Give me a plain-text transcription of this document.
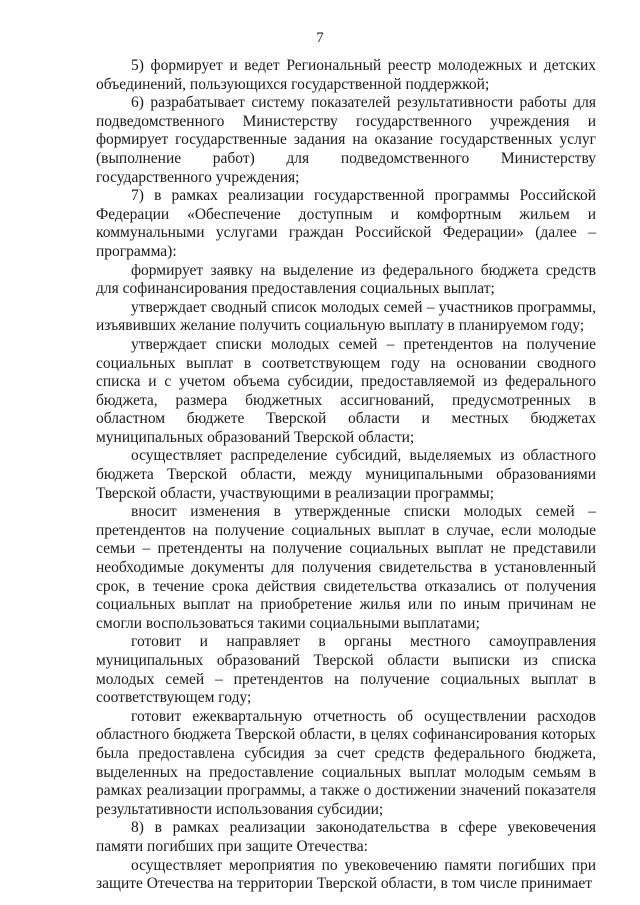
7

5) формирует и ведет Региональный реестр молодежных и детских объединений, пользующихся государственной поддержкой;

6) разрабатывает систему показателей результативности работы для подведомственного Министерству государственного учреждения и формирует государственные задания на оказание государственных услуг (выполнение работ) для подведомственного Министерству государственного учреждения;

7) в рамках реализации государственной программы Российской Федерации «Обеспечение доступным и комфортным жильем и коммунальными услугами граждан Российской Федерации» (далее – программа):

формирует заявку на выделение из федерального бюджета средств для софинансирования предоставления социальных выплат;

утверждает сводный список молодых семей – участников программы, изъявивших желание получить социальную выплату в планируемом году;

утверждает списки молодых семей – претендентов на получение социальных выплат в соответствующем году на основании сводного списка и с учетом объема субсидии, предоставляемой из федерального бюджета, размера бюджетных ассигнований, предусмотренных в областном бюджете Тверской области и местных бюджетах муниципальных образований Тверской области;

осуществляет распределение субсидий, выделяемых из областного бюджета Тверской области, между муниципальными образованиями Тверской области, участвующими в реализации программы;

вносит изменения в утвержденные списки молодых семей – претендентов на получение социальных выплат в случае, если молодые семьи – претенденты на получение социальных выплат не представили необходимые документы для получения свидетельства в установленный срок, в течение срока действия свидетельства отказались от получения социальных выплат на приобретение жилья или по иным причинам не смогли воспользоваться такими социальными выплатами;

готовит и направляет в органы местного самоуправления муниципальных образований Тверской области выписки из списка молодых семей – претендентов на получение социальных выплат в соответствующем году;

готовит ежеквартальную отчетность об осуществлении расходов областного бюджета Тверской области, в целях софинансирования которых была предоставлена субсидия за счет средств федерального бюджета, выделенных на предоставление социальных выплат молодым семьям в рамках реализации программы, а также о достижении значений показателя результативности использования субсидии;

8) в рамках реализации законодательства в сфере увековечения памяти погибших при защите Отечества:

осуществляет мероприятия по увековечению памяти погибших при защите Отечества на территории Тверской области, в том числе принимает
